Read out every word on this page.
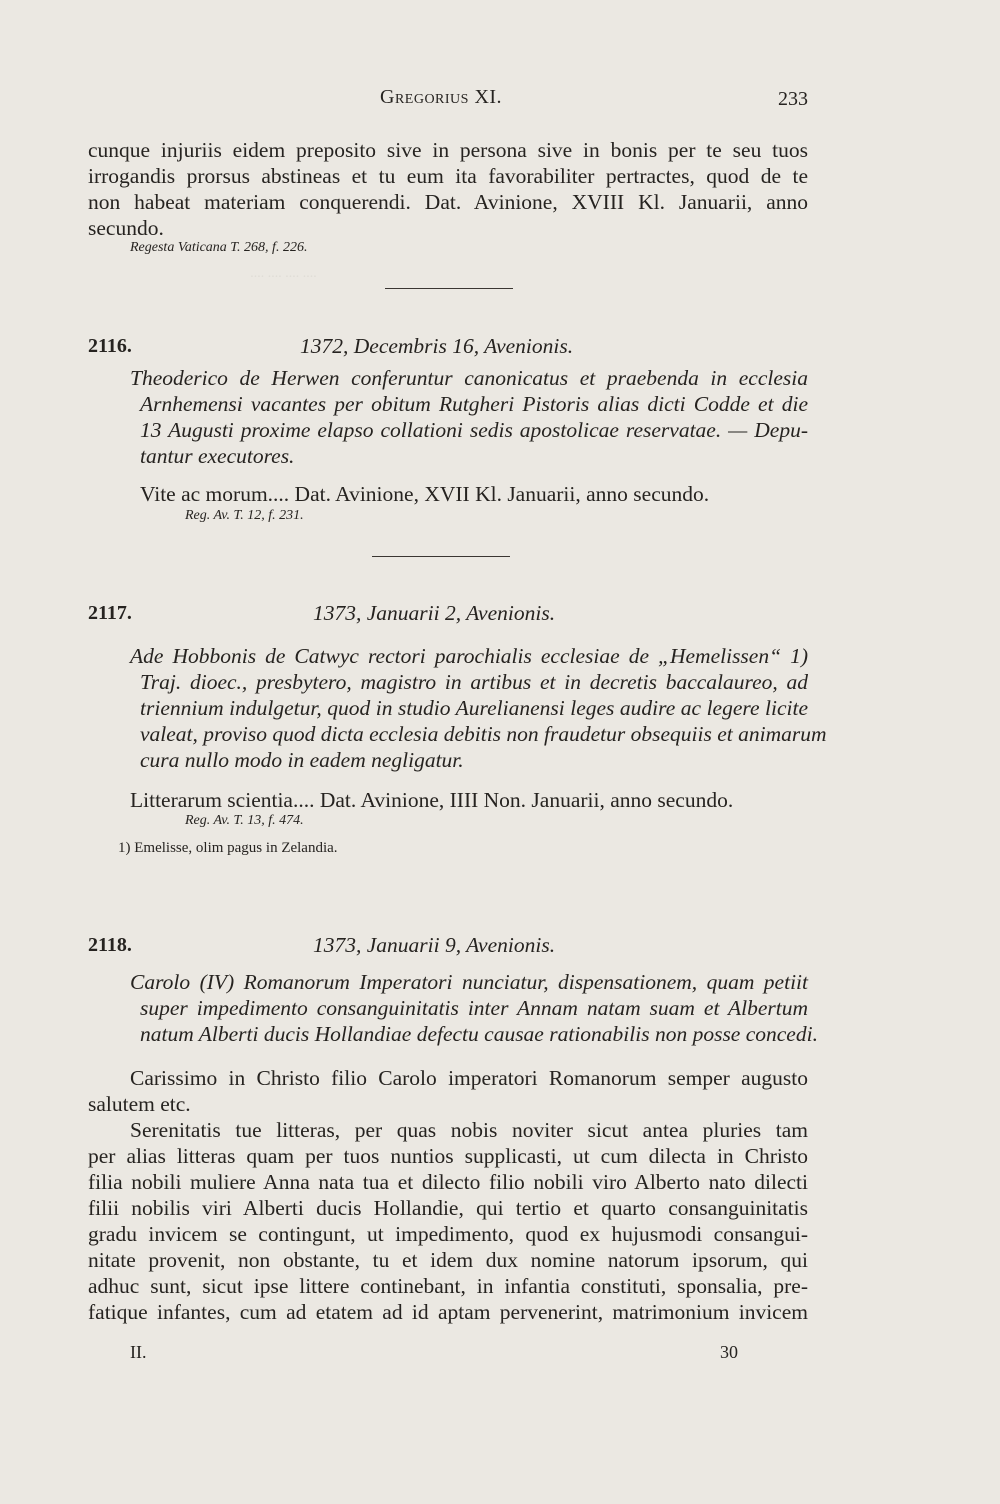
···· ···· ···· ····
Gregorius XI.	233
cunque injuriis eidem preposito sive in persona sive in bonis per te seu tuos
irrogandis prorsus abstineas et tu eum ita favorabiliter pertractes, quod de te
non habeat materiam conquerendi. Dat. Avinione, XVIII Kl. Januarii, anno
secundo.
Regesta Vaticana T. 268, f. 226.
2116.	1372, Decembris 16, Avenionis.
Theoderico de Herwen conferuntur canonicatus et praebenda in ecclesia
Arnhemensi vacantes per obitum Rutgheri Pistoris alias dicti Codde et die
13 Augusti proxime elapso collationi sedis apostolicae reservatae. — Depu-
tantur executores.
Vite ac morum.... Dat. Avinione, XVII Kl. Januarii, anno secundo.
Reg. Av. T. 12, f. 231.
2117.	1373, Januarii 2, Avenionis.
Ade Hobbonis de Catwyc rectori parochialis ecclesiae de „Hemelissen“ 1)
Traj. dioec., presbytero, magistro in artibus et in decretis baccalaureo, ad
triennium indulgetur, quod in studio Aurelianensi leges audire ac legere licite
valeat, proviso quod dicta ecclesia debitis non fraudetur obsequiis et animarum
cura nullo modo in eadem negligatur.
Litterarum scientia.... Dat. Avinione, IIII Non. Januarii, anno secundo.
Reg. Av. T. 13, f. 474.
1) Emelisse, olim pagus in Zelandia.
2118.	1373, Januarii 9, Avenionis.
Carolo (IV) Romanorum Imperatori nunciatur, dispensationem, quam petiit
super impedimento consanguinitatis inter Annam natam suam et Albertum
natum Alberti ducis Hollandiae defectu causae rationabilis non posse concedi.
Carissimo in Christo filio Carolo imperatori Romanorum semper augusto
salutem etc.
Serenitatis tue litteras, per quas nobis noviter sicut antea pluries tam
per alias litteras quam per tuos nuntios supplicasti, ut cum dilecta in Christo
filia nobili muliere Anna nata tua et dilecto filio nobili viro Alberto nato dilecti
filii nobilis viri Alberti ducis Hollandie, qui tertio et quarto consanguinitatis
gradu invicem se contingunt, ut impedimento, quod ex hujusmodi consangui-
nitate provenit, non obstante, tu et idem dux nomine natorum ipsorum, qui
adhuc sunt, sicut ipse littere continebant, in infantia constituti, sponsalia, pre-
fatique infantes, cum ad etatem ad id aptam pervenerint, matrimonium invicem
II.	30
